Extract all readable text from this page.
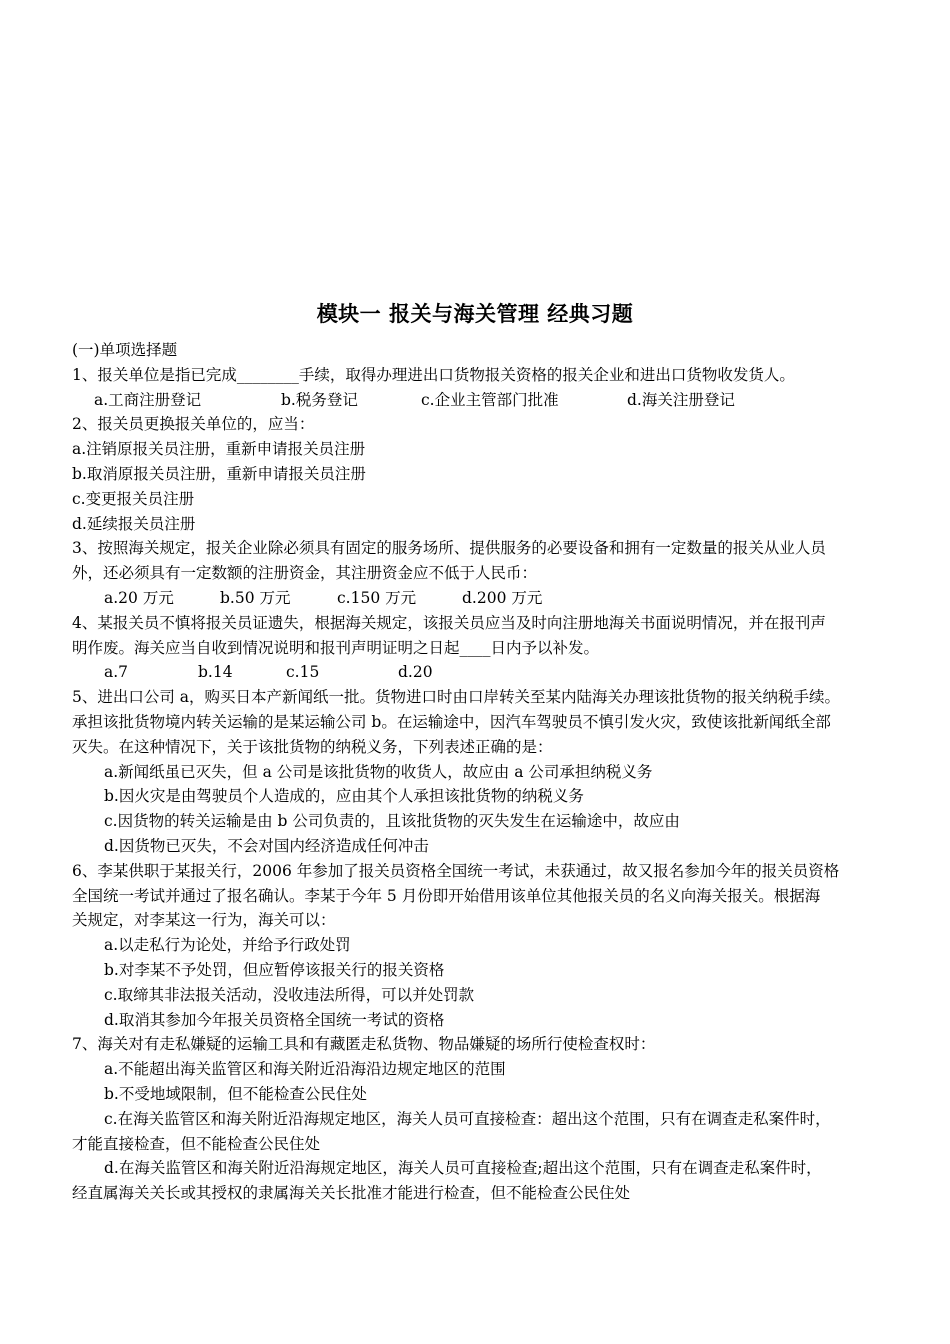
模块一 报关与海关管理 经典习题
(一)单项选择题
1、报关单位是指已完成________手续，取得办理进出口货物报关资格的报关企业和进出口货物收发货人。
a.工商注册登记	b.税务登记	c.企业主管部门批准	d.海关注册登记
2、报关员更换报关单位的，应当：
a.注销原报关员注册，重新申请报关员注册
b.取消原报关员注册，重新申请报关员注册
c.变更报关员注册
d.延续报关员注册
3、按照海关规定，报关企业除必须具有固定的服务场所、提供服务的必要设备和拥有一定数量的报关从业人员
外，还必须具有一定数额的注册资金，其注册资金应不低于人民币：
a.20 万元	b.50 万元	c.150 万元	d.200 万元
4、某报关员不慎将报关员证遗失，根据海关规定，该报关员应当及时向注册地海关书面说明情况，并在报刊声
明作废。海关应当自收到情况说明和报刊声明证明之日起____日内予以补发。
a.7	b.14	c.15	d.20
5、进出口公司 a，购买日本产新闻纸一批。货物进口时由口岸转关至某内陆海关办理该批货物的报关纳税手续。
承担该批货物境内转关运输的是某运输公司 b。在运输途中，因汽车驾驶员不慎引发火灾，致使该批新闻纸全部
灭失。在这种情况下，关于该批货物的纳税义务，下列表述正确的是：
a.新闻纸虽已灭失，但 a 公司是该批货物的收货人，故应由 a 公司承担纳税义务
b.因火灾是由驾驶员个人造成的，应由其个人承担该批货物的纳税义务
c.因货物的转关运输是由 b 公司负责的，且该批货物的灭失发生在运输途中，故应由
d.因货物已灭失，不会对国内经济造成任何冲击
6、李某供职于某报关行，2006 年参加了报关员资格全国统一考试，未获通过，故又报名参加今年的报关员资格
全国统一考试并通过了报名确认。李某于今年 5 月份即开始借用该单位其他报关员的名义向海关报关。根据海
关规定，对李某这一行为，海关可以：
a.以走私行为论处，并给予行政处罚
b.对李某不予处罚，但应暂停该报关行的报关资格
c.取缔其非法报关活动，没收违法所得，可以并处罚款
d.取消其参加今年报关员资格全国统一考试的资格
7、海关对有走私嫌疑的运输工具和有藏匿走私货物、物品嫌疑的场所行使检查权时：
a.不能超出海关监管区和海关附近沿海沿边规定地区的范围
b.不受地域限制，但不能检查公民住处
c.在海关监管区和海关附近沿海规定地区，海关人员可直接检查：超出这个范围，只有在调查走私案件时，
才能直接检查，但不能检查公民住处
d.在海关监管区和海关附近沿海规定地区，海关人员可直接检查;超出这个范围，只有在调查走私案件时，
经直属海关关长或其授权的隶属海关关长批准才能进行检查，但不能检查公民住处
